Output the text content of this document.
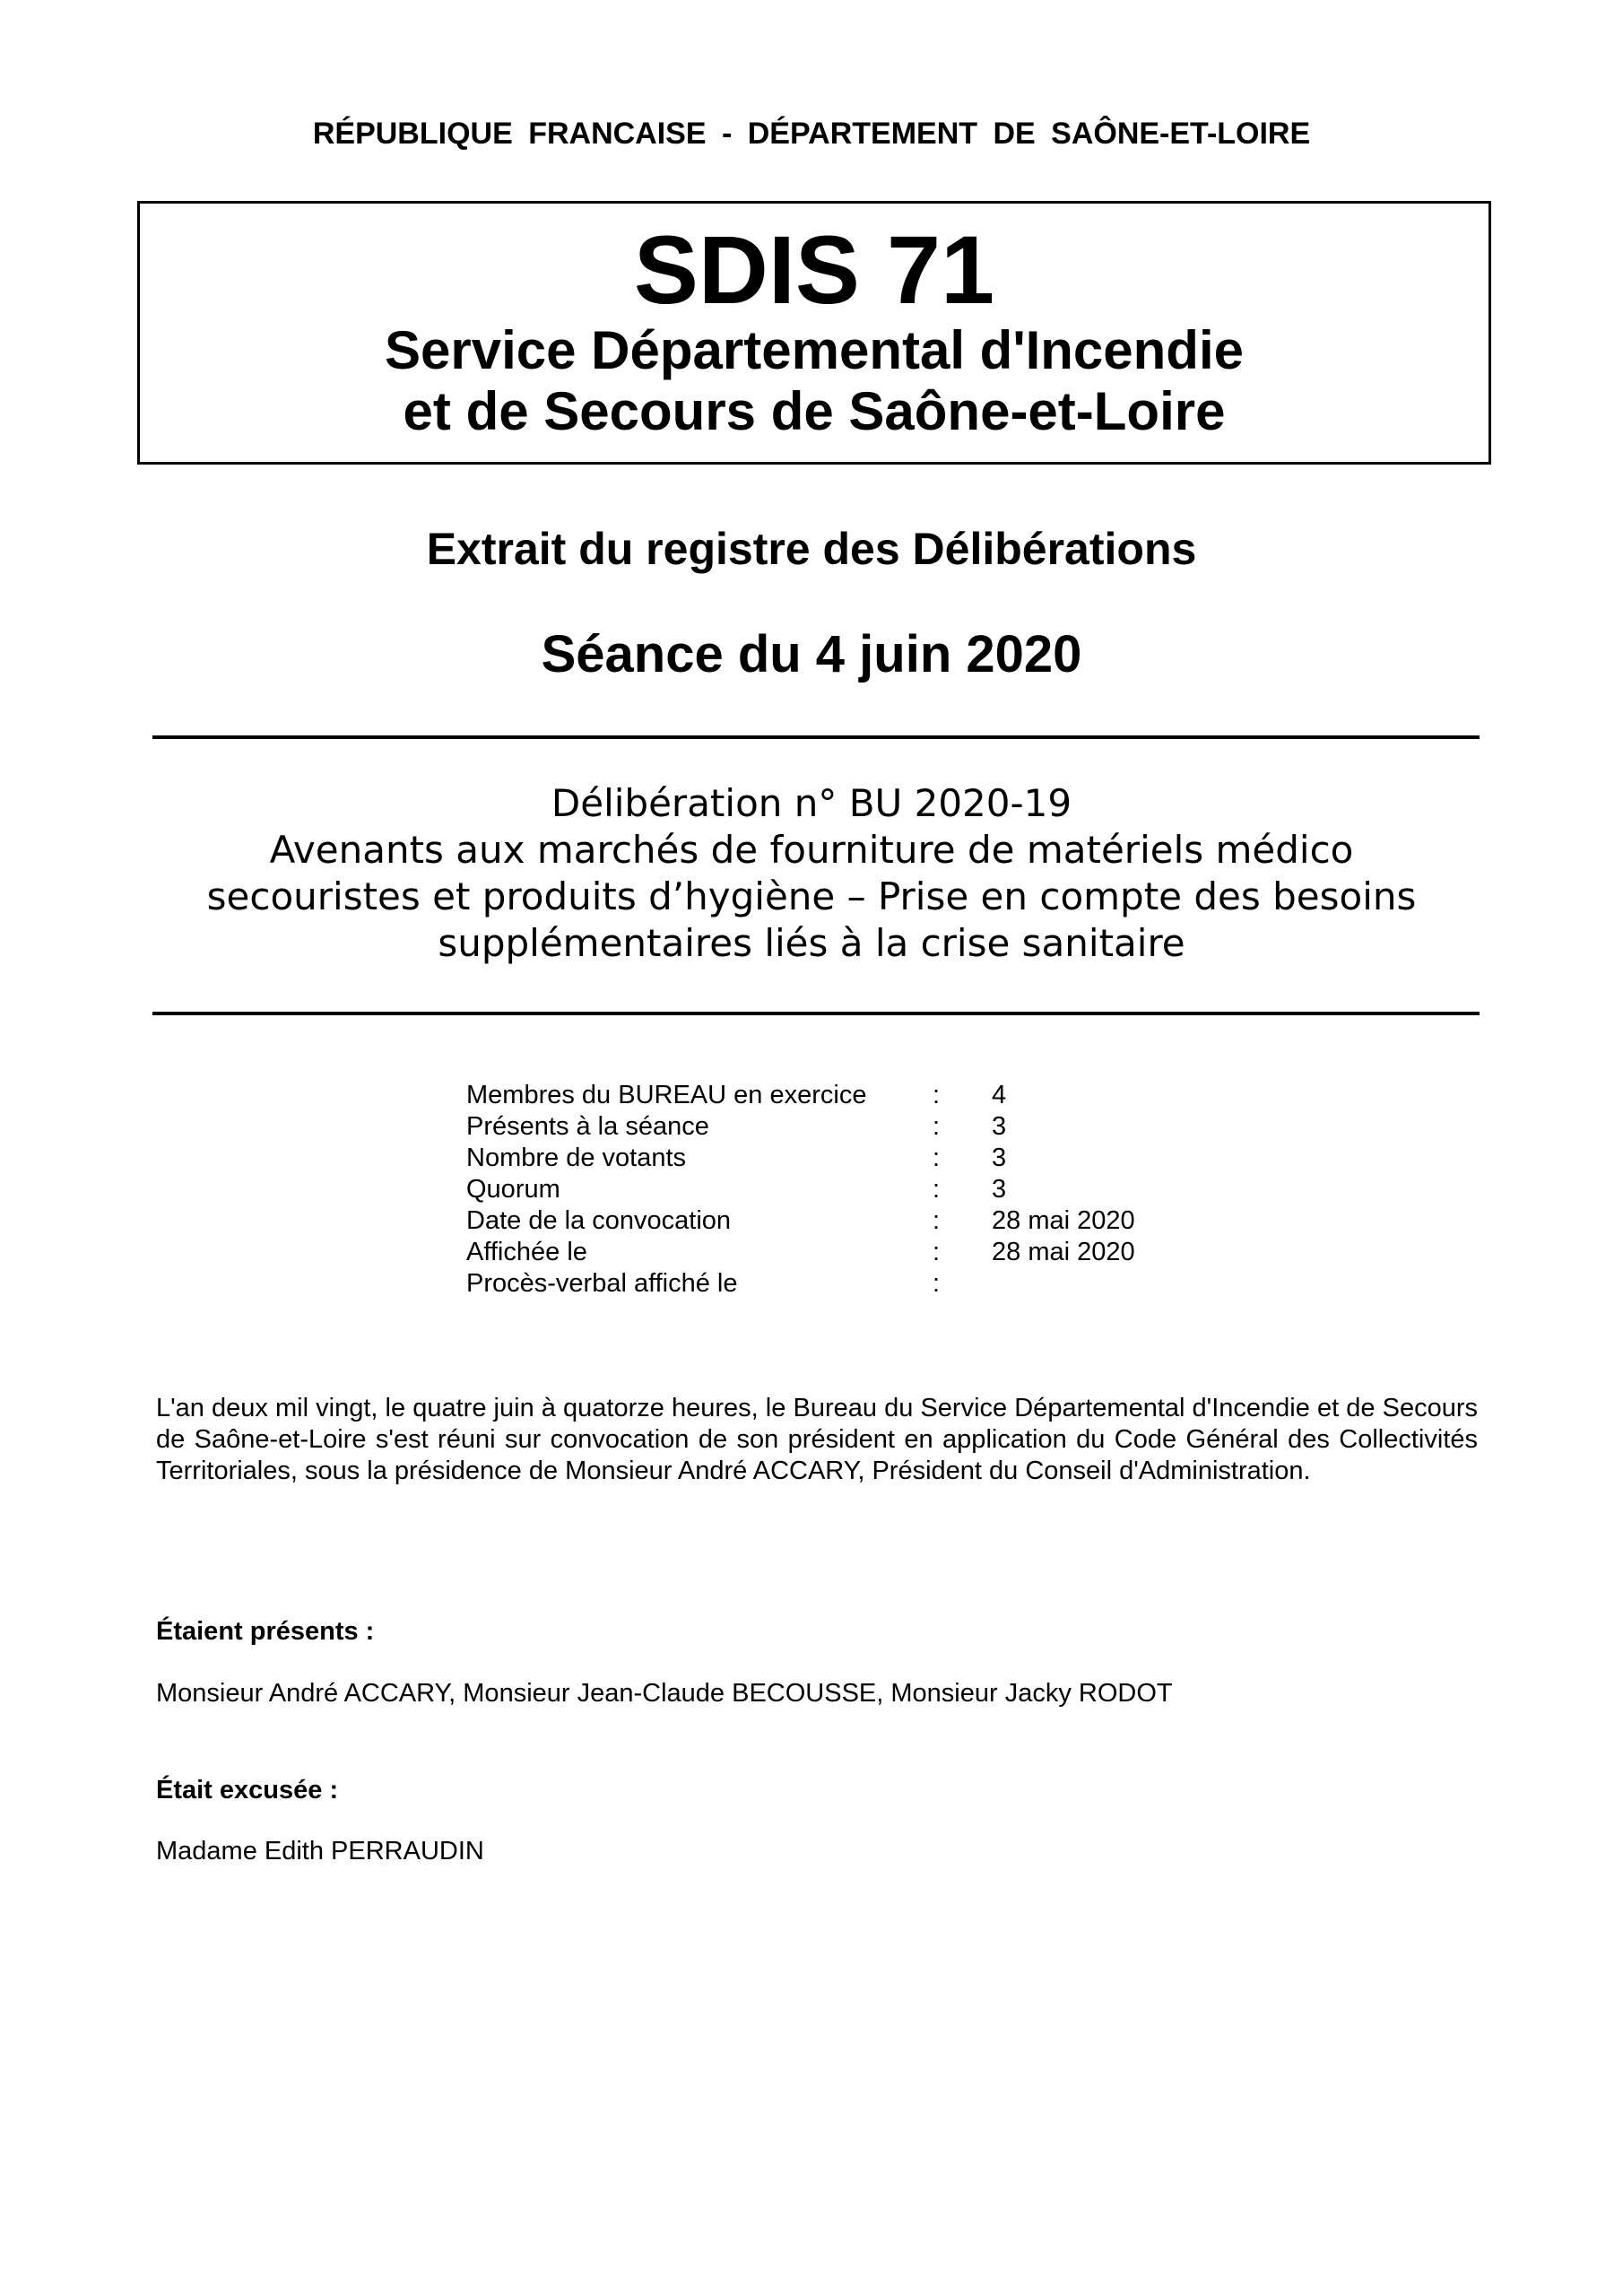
RÉPUBLIQUE FRANCAISE - DÉPARTEMENT DE SAÔNE-ET-LOIRE
SDIS 71
Service Départemental d'Incendie
et de Secours de Saône-et-Loire
Extrait du registre des Délibérations
Séance du 4 juin 2020
Délibération n° BU 2020-19
Avenants aux marchés de fourniture de matériels médico
secouristes et produits d’hygiène – Prise en compte des besoins
supplémentaires liés à la crise sanitaire
Membres du BUREAU en exercice	: 4
Présents à la séance	: 3
Nombre de votants	: 3
Quorum	: 3
Date de la convocation	: 28 mai 2020
Affichée le	: 28 mai 2020
Procès-verbal affiché le	:
L'an deux mil vingt, le quatre juin à quatorze heures, le Bureau du Service Départemental d'Incendie et de Secours de Saône-et-Loire s'est réuni sur convocation de son président en application du Code Général des Collectivités Territoriales, sous la présidence de Monsieur André ACCARY, Président du Conseil d'Administration.
Étaient présents :
Monsieur André ACCARY, Monsieur Jean-Claude BECOUSSE, Monsieur Jacky RODOT
Était excusée :
Madame Edith PERRAUDIN
